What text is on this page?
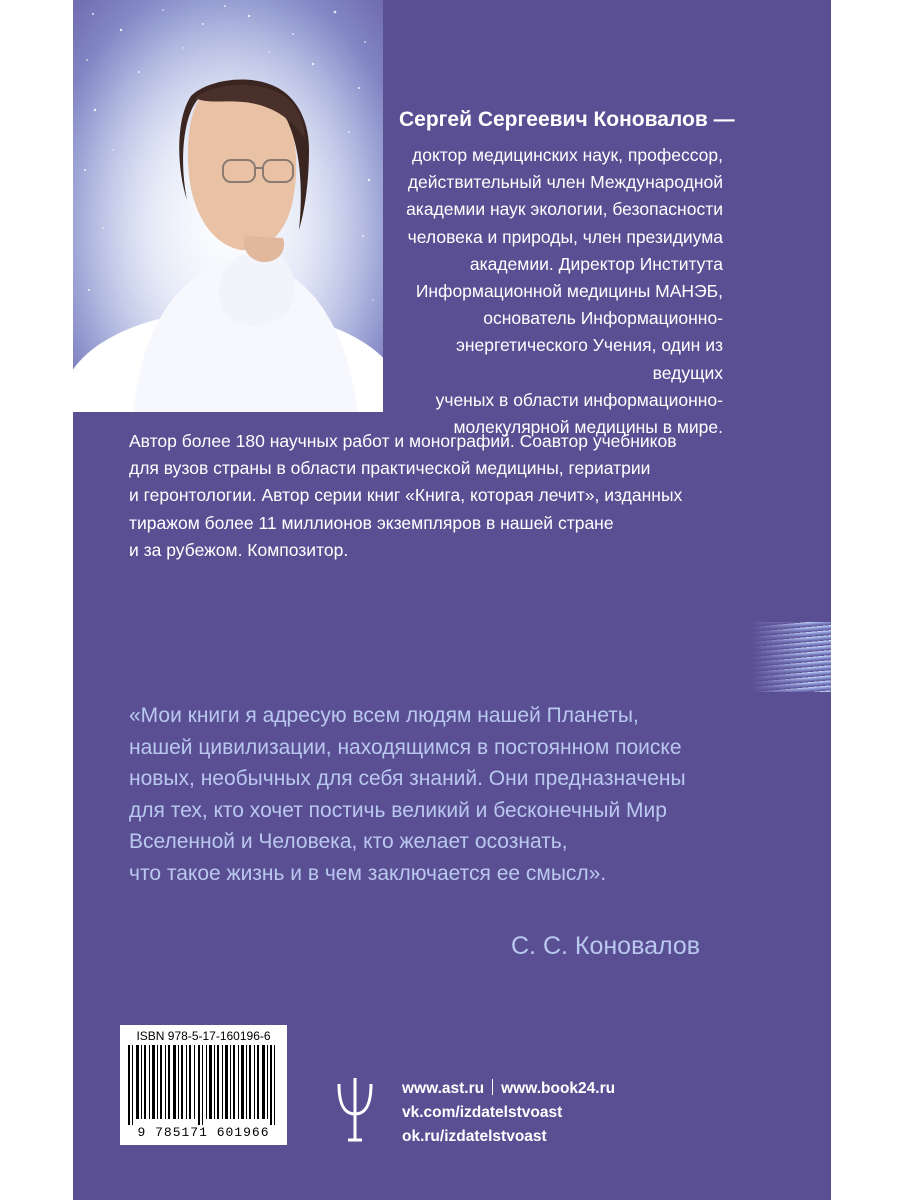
Сергей Сергеевич Коновалов —
доктор медицинских наук, профессор,
действительный член Международной
академии наук экологии, безопасности
человека и природы, член президиума
академии. Директор Института
Информационной медицины МАНЭБ,
основатель Информационно-энергетического Учения, один из ведущих
ученых в области информационно-
молекулярной медицины в мире.
Автор более 180 научных работ и монографий. Соавтор учебников
для вузов страны в области практической медицины, гериатрии
и геронтологии. Автор серии книг «Книга, которая лечит», изданных
тиражом более 11 миллионов экземпляров в нашей стране
и за рубежом. Композитор.
«Мои книги я адресую всем людям нашей Планеты,
нашей цивилизации, находящимся в постоянном поиске
новых, необычных для себя знаний. Они предназначены
для тех, кто хочет постичь великий и бесконечный Мир
Вселенной и Человека, кто желает осознать,
что такое жизнь и в чем заключается ее смысл».
С. С. Коновалов
ISBN 978-5-17-160196-6
9 785171 601966
www.ast.ru www.book24.ru
vk.com/izdatelstvoast
ok.ru/izdatelstvoast
